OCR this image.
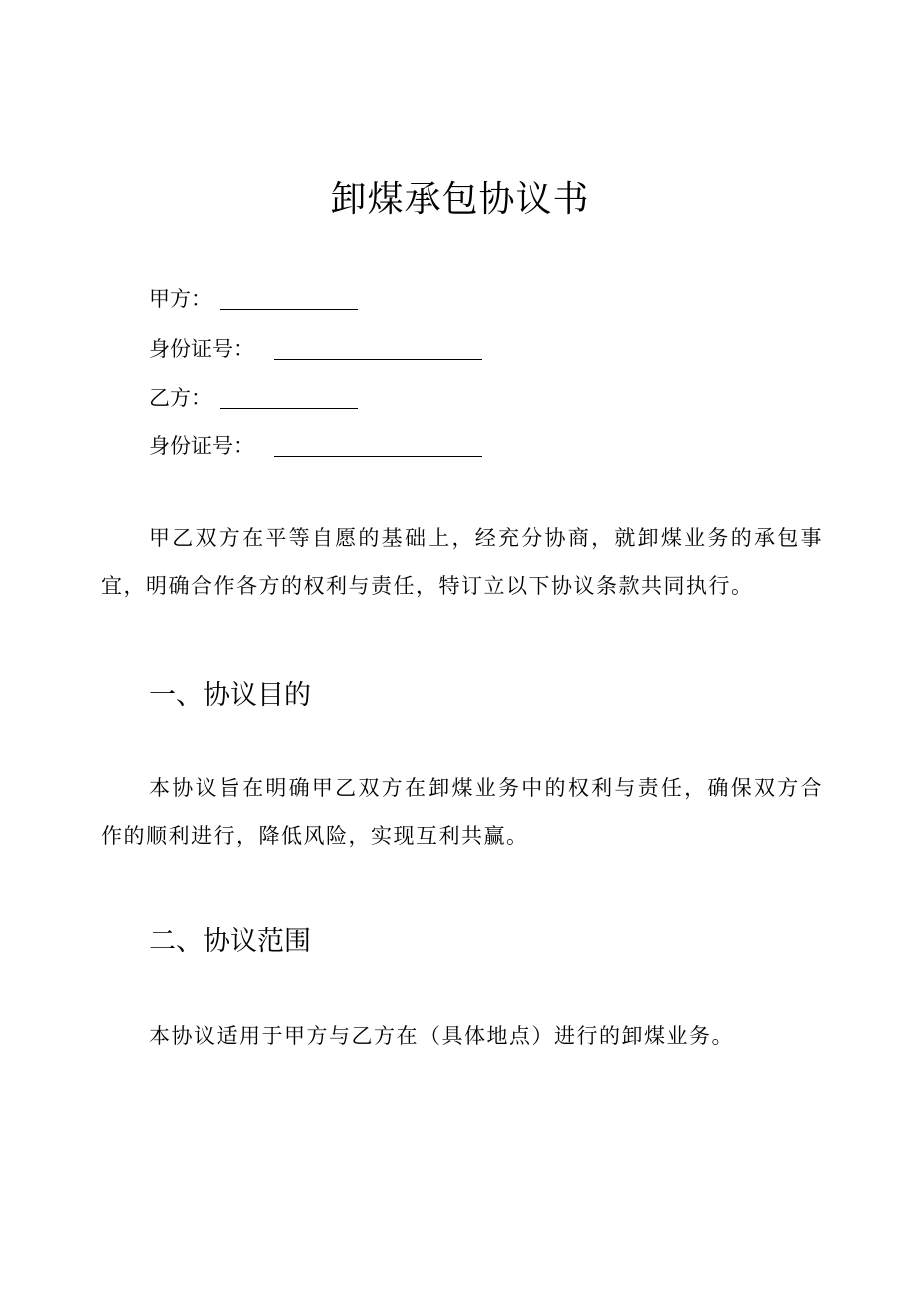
卸煤承包协议书
甲方：
身份证号：
乙方：
身份证号：

甲乙双方在平等自愿的基础上，经充分协商，就卸煤业务的承包事宜，明确合作各方的权利与责任，特订立以下协议条款共同执行。

一、协议目的

本协议旨在明确甲乙双方在卸煤业务中的权利与责任，确保双方合作的顺利进行，降低风险，实现互利共赢。

二、协议范围

本协议适用于甲方与乙方在（具体地点）进行的卸煤业务。
